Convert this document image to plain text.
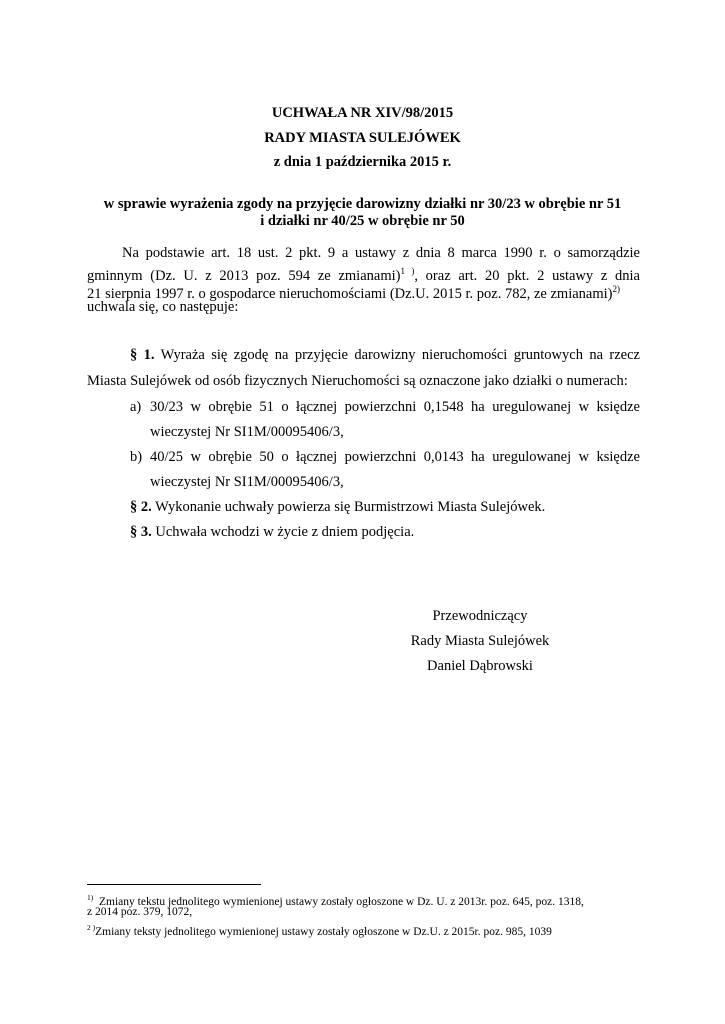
UCHWAŁA NR XIV/98/2015
RADY MIASTA SULEJÓWEK
z dnia 1 października 2015 r.
w sprawie wyrażenia zgody na przyjęcie darowizny działki nr 30/23 w obrębie nr 51
i działki nr 40/25 w obrębie nr 50
Na podstawie art. 18 ust. 2 pkt. 9 a ustawy z dnia 8 marca 1990 r. o samorządzie
gminnym (Dz. U. z 2013 poz. 594 ze zmianami)$^{1 )}$, oraz art. 20 pkt. 2 ustawy z dnia
21 sierpnia 1997 r. o gospodarce nieruchomościami (Dz.U. 2015 r. poz. 782, ze zmianami)$^{2)}$
uchwala się, co następuje:
§ 1. Wyraża się zgodę na przyjęcie darowizny nieruchomości gruntowych na rzecz
Miasta Sulejówek od osób fizycznych Nieruchomości są oznaczone jako działki o numerach:
a) 30/23 w obrębie 51 o łącznej powierzchni 0,1548 ha uregulowanej w księdze
wieczystej Nr SI1M/00095406/3,
b) 40/25 w obrębie 50 o łącznej powierzchni 0,0143 ha uregulowanej w księdze
wieczystej Nr SI1M/00095406/3,
§ 2. Wykonanie uchwały powierza się Burmistrzowi Miasta Sulejówek.
§ 3. Uchwała wchodzi w życie z dniem podjęcia.
Przewodniczący
Rady Miasta Sulejówek
Daniel Dąbrowski
$^{1)}$ Zmiany tekstu jednolitego wymienionej ustawy zostały ogłoszone w Dz. U. z 2013r. poz. 645, poz. 1318,
z 2014 poz. 379, 1072,
$^{2 )}$Zmiany teksty jednolitego wymienionej ustawy zostały ogłoszone w Dz.U. z 2015r. poz. 985, 1039
